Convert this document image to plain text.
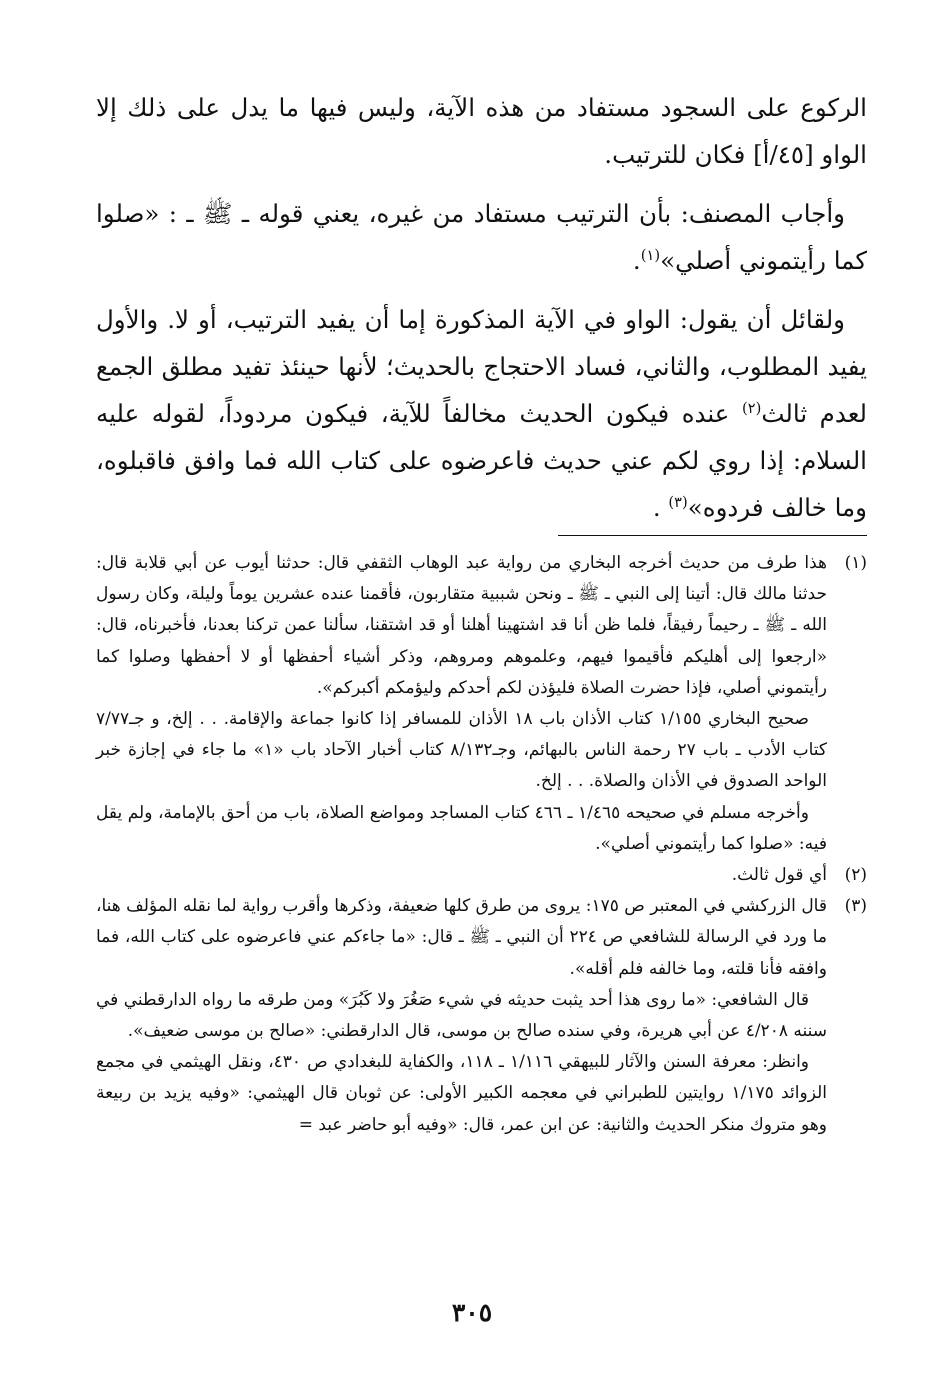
الركوع على السجود مستفاد من هذه الآية، وليس فيها ما يدل على ذلك إلا الواو [٤٥/أ] فكان للترتيب.

وأجاب المصنف: بأن الترتيب مستفاد من غيره، يعني قوله ـ ﷺ ـ : «صلوا كما رأيتموني أصلي»$^{(١)}$.

ولقائل أن يقول: الواو في الآية المذكورة إما أن يفيد الترتيب، أو لا. والأول يفيد المطلوب، والثاني، فساد الاحتجاج بالحديث؛ لأنها حينئذ تفيد مطلق الجمع لعدم ثالث$^{(٢)}$ عنده فيكون الحديث مخالفاً للآية، فيكون مردوداً، لقوله عليه السلام: إذا روي لكم عني حديث فاعرضوه على كتاب الله فما وافق فاقبلوه، وما خالف فردوه»$^{(٣)}$ .

(١)

هذا طرف من حديث أخرجه البخاري من رواية عبد الوهاب الثقفي قال: حدثنا أيوب عن أبي قلابة قال: حدثنا مالك قال: أتينا إلى النبي ـ ﷺ ـ ونحن شببية متقاربون، فأقمنا عنده عشرين يوماً وليلة، وكان رسول الله ـ ﷺ ـ رحيماً رفيقاً، فلما ظن أنا قد اشتهينا أهلنا أو قد اشتقنا، سألنا عمن تركنا بعدنا، فأخبرناه، قال: «ارجعوا إلى أهليكم فأقيموا فيهم، وعلموهم ومروهم، وذكر أشياء أحفظها أو لا أحفظها وصلوا كما رأيتموني أصلي، فإذا حضرت الصلاة فليؤذن لكم أحدكم وليؤمكم أكبركم».

صحيح البخاري ١/١٥٥ كتاب الأذان باب ١٨ الأذان للمسافر إذا كانوا جماعة والإقامة. . . إلخ، و جـ٧/٧٧ كتاب الأدب ـ باب ٢٧ رحمة الناس بالبهائم، وجـ٨/١٣٢ كتاب أخبار الآحاد باب «١» ما جاء في إجازة خبر الواحد الصدوق في الأذان والصلاة. . . إلخ.

وأخرجه مسلم في صحيحه ١/٤٦٥ ـ ٤٦٦ كتاب المساجد ومواضع الصلاة، باب من أحق بالإمامة، ولم يقل فيه: «صلوا كما رأيتموني أصلي».

(٢)

أي قول ثالث.

(٣)

قال الزركشي في المعتبر ص ١٧٥: يروى من طرق كلها ضعيفة، وذكرها وأقرب رواية لما نقله المؤلف هنا، ما ورد في الرسالة للشافعي ص ٢٢٤ أن النبي ـ ﷺ ـ قال: «ما جاءكم عني فاعرضوه على كتاب الله، فما وافقه فأنا قلته، وما خالفه فلم أقله».

قال الشافعي: «ما روى هذا أحد يثبت حديثه في شيء صَغُرَ ولا كَبُرَ» ومن طرقه ما رواه الدارقطني في سننه ٤/٢٠٨ عن أبي هريرة، وفي سنده صالح بن موسى، قال الدارقطني: «صالح بن موسى ضعيف».

وانظر: معرفة السنن والآثار للبيهقي ١/١١٦ ـ ١١٨، والكفاية للبغدادي ص ٤٣٠، ونقل الهيثمي في مجمع الزوائد ١/١٧٥ روايتين للطبراني في معجمه الكبير الأولى: عن ثوبان قال الهيثمي: «وفيه يزيد بن ربيعة وهو متروك منكر الحديث والثانية: عن ابن عمر، قال: «وفيه أبو حاضر عبد =

٣٠٥
